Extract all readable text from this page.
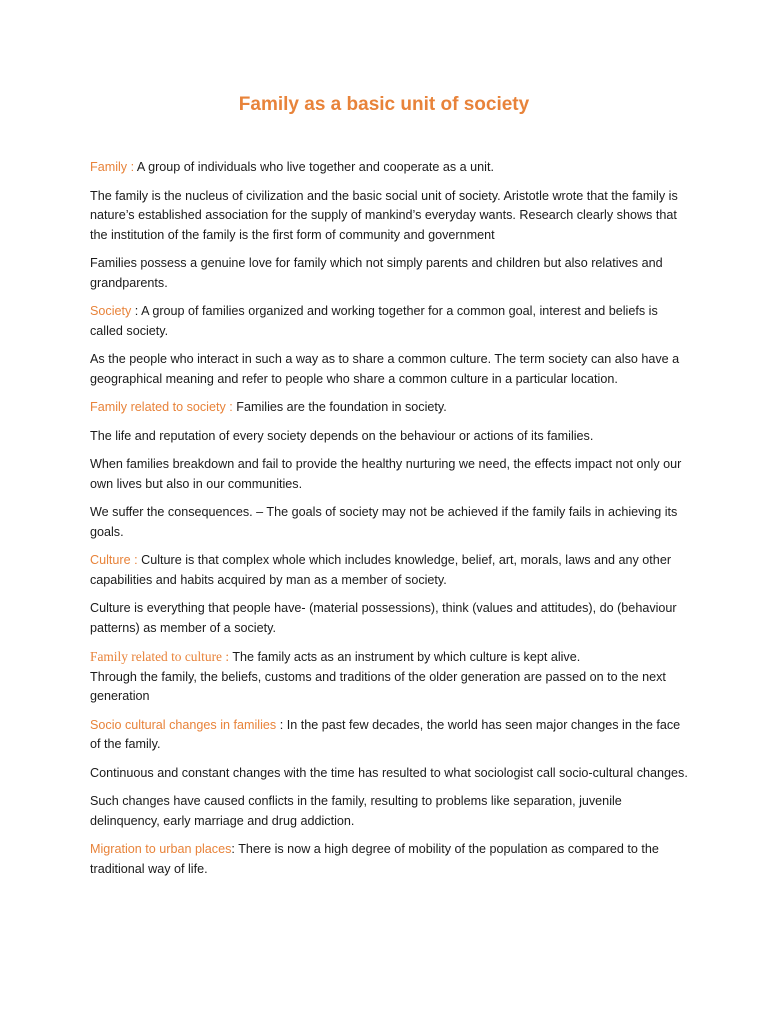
Family as a basic unit of society

Family : A group of individuals who live together and cooperate as a unit.

The family is the nucleus of civilization and the basic social unit of society. Aristotle wrote that the family is nature’s established association for the supply of mankind’s everyday wants. Research clearly shows that the institution of the family is the first form of community and government

Families possess a genuine love for family which not simply parents and children but also relatives and grandparents.

Society : A group of families organized and working together for a common goal, interest and beliefs is called society.

As the people who interact in such a way as to share a common culture. The term society can also have a geographical meaning and refer to people who share a common culture in a particular location.

Family related to society : Families are the foundation in society.

The life and reputation of every society depends on the behaviour or actions of its families.

When families breakdown and fail to provide the healthy nurturing we need, the effects impact not only our own lives but also in our communities.

We suffer the consequences. – The goals of society may not be achieved if the family fails in achieving its goals.

Culture : Culture is that complex whole which includes knowledge, belief, art, morals, laws and any other capabilities and habits acquired by man as a member of society.

Culture is everything that people have- (material possessions), think (values and attitudes), do (behaviour patterns) as member of a society.

Family related to culture : The family acts as an instrument by which culture is kept alive.

Through the family, the beliefs, customs and traditions of the older generation are passed on to the next generation

Socio cultural changes in families : In the past few decades, the world has seen major changes in the face of the family.

Continuous and constant changes with the time has resulted to what sociologist call socio-cultural changes.

Such changes have caused conflicts in the family, resulting to problems like separation, juvenile delinquency, early marriage and drug addiction.

Migration to urban places: There is now a high degree of mobility of the population as compared to the traditional way of life.
